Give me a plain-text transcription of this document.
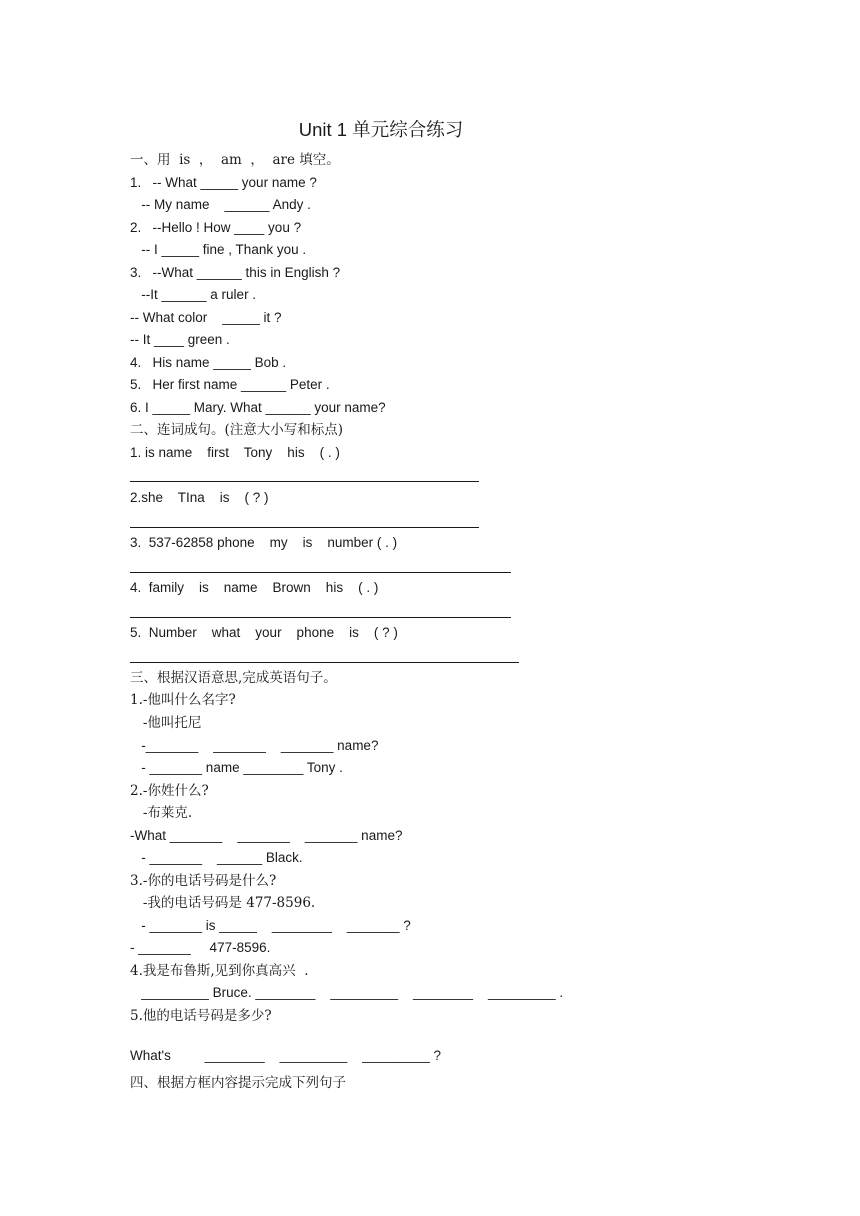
Unit 1 单元综合练习
一、用  is  ，  am  ，  are 填空。
1.   -- What _____ your name ?
-- My name    ______ Andy .
2.   --Hello ! How ____ you ?
-- I _____ fine , Thank you .
3.   --What ______ this in English ?
--It ______ a ruler .
-- What color    _____ it ?
-- It ____ green .
4.   His name _____ Bob .
5.   Her first name ______ Peter .
6. I _____ Mary. What ______ your name?
二、连词成句。(注意大小写和标点)
1. is name    first    Tony    his    ( . )
2.she    TIna    is    ( ? )
3.  537-62858 phone    my    is    number ( . )
4.  family    is    name    Brown    his    ( . )
5.  Number    what    your    phone    is    ( ? )
三、根据汉语意思,完成英语句子。
1.-他叫什么名字?
-他叫托尼
-_______    _______    _______ name?
- _______ name ________ Tony .
2.-你姓什么?
-布莱克.
-What _______    _______    _______ name?
- _______    ______ Black.
3.-你的电话号码是什么?
-我的电话号码是 477-8596.
- _______ is _____    ________    _______ ?
- _______     477-8596.
4.我是布鲁斯,见到你真高兴  .
_________ Bruce. ________    _________    ________    _________ .
5.他的电话号码是多少?
What's         ________    _________    _________ ?
四、根据方框内容提示完成下列句子
